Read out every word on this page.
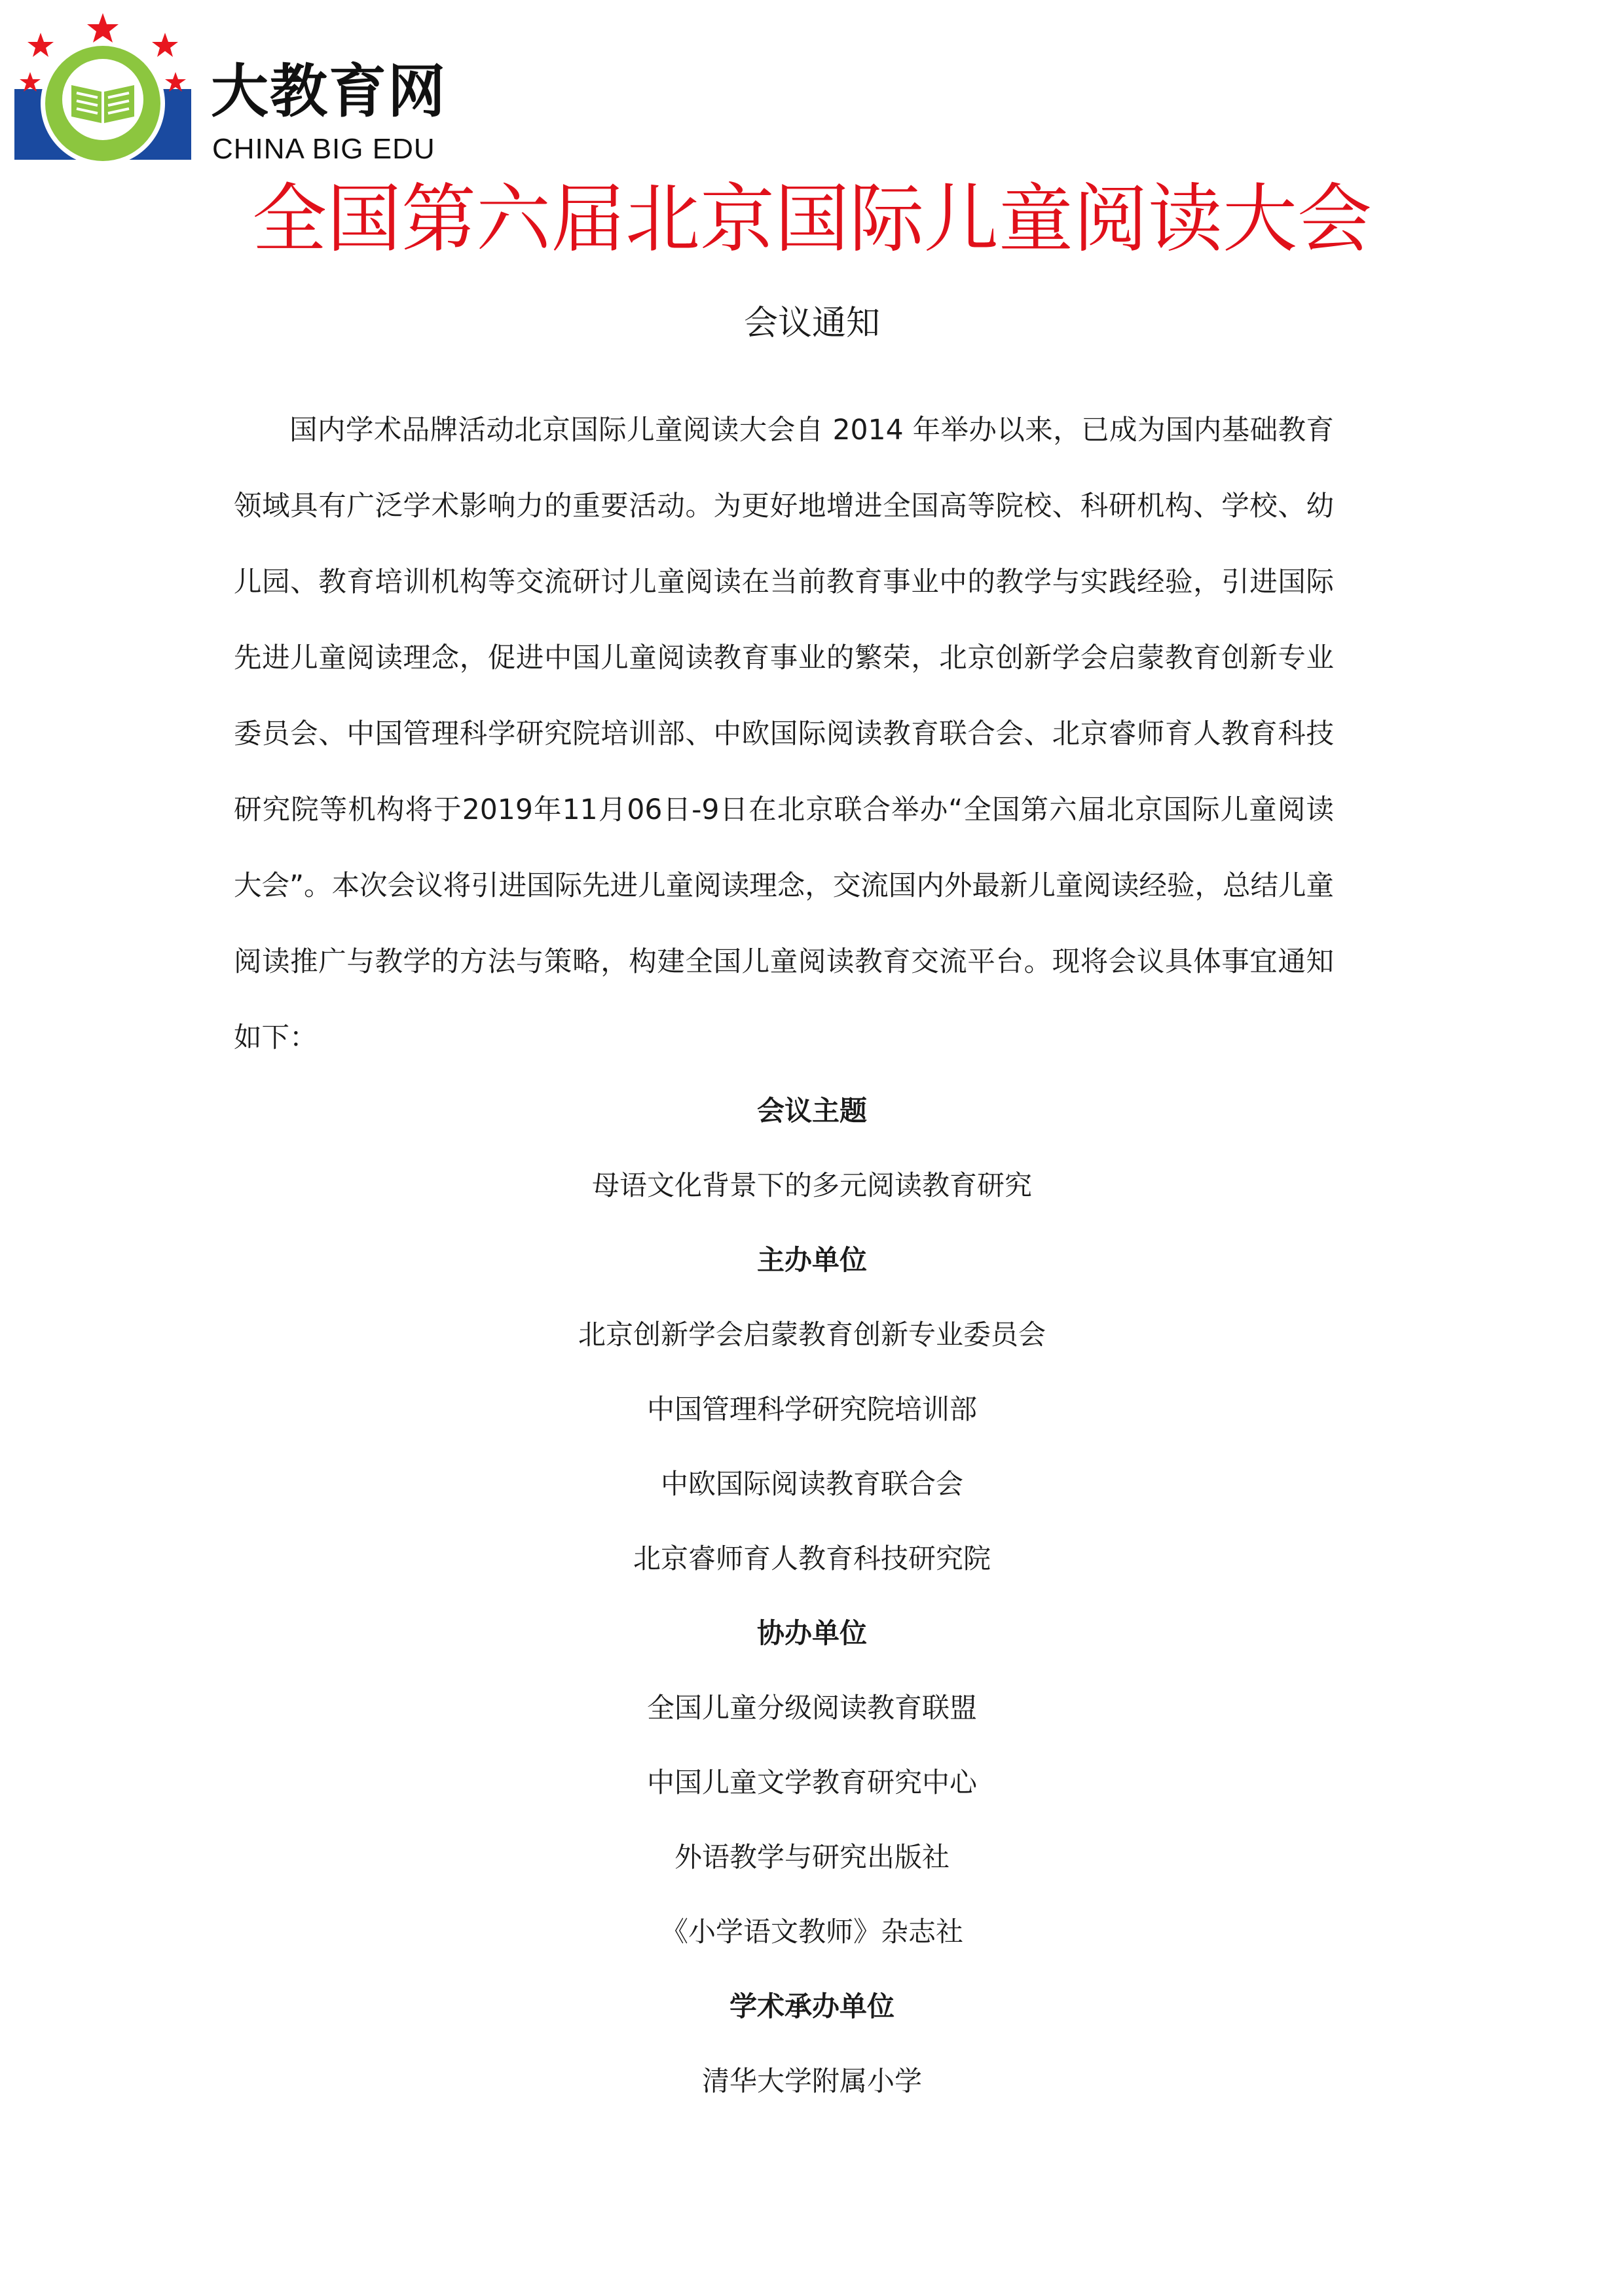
大教育网
CHINA BIG EDU
全国第六届北京国际儿童阅读大会
会议通知

国内学术品牌活动北京国际儿童阅读大会自 2014 年举办以来，已成为国内基础教育领域具有广泛学术影响力的重要活动。为更好地增进全国高等院校、科研机构、学校、幼儿园、教育培训机构等交流研讨儿童阅读在当前教育事业中的教学与实践经验，引进国际先进儿童阅读理念，促进中国儿童阅读教育事业的繁荣，北京创新学会启蒙教育创新专业委员会、中国管理科学研究院培训部、中欧国际阅读教育联合会、北京睿师育人教育科技研究院等机构将于2019年11月06日-9日在北京联合举办“全国第六届北京国际儿童阅读大会”。本次会议将引进国际先进儿童阅读理念，交流国内外最新儿童阅读经验，总结儿童阅读推广与教学的方法与策略，构建全国儿童阅读教育交流平台。现将会议具体事宜通知如下：

会议主题
母语文化背景下的多元阅读教育研究
主办单位
北京创新学会启蒙教育创新专业委员会
中国管理科学研究院培训部
中欧国际阅读教育联合会
北京睿师育人教育科技研究院
协办单位
全国儿童分级阅读教育联盟
中国儿童文学教育研究中心
外语教学与研究出版社
《小学语文教师》杂志社
学术承办单位
清华大学附属小学
